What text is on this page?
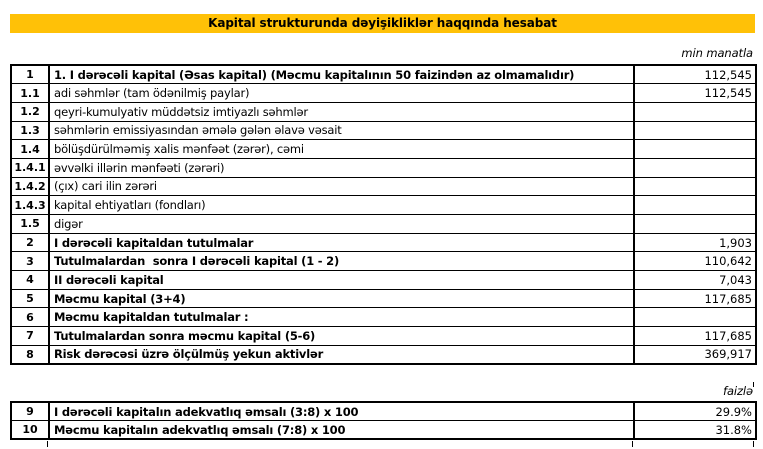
Kapital strukturunda dəyişikliklər haqqında hesabat
min manatla
1	1. I dərəcəli kapital (Əsas kapital) (Məcmu kapitalının 50 faizindən az olmamalıdır)	112,545
1.1	adi səhmlər (tam ödənilmiş paylar)	112,545
1.2	qeyri-kumulyativ müddətsiz imtiyazlı səhmlər	
1.3	səhmlərin emissiyasından əmələ gələn əlavə vəsait	
1.4	bölüşdürülməmiş xalis mənfəət (zərər), cəmi	
1.4.1	əvvəlki illərin mənfəəti (zərəri)	
1.4.2	(çıx) cari ilin zərəri	
1.4.3	kapital ehtiyatları (fondları)	
1.5	digər	
2	I dərəcəli kapitaldan tutulmalar	1,903
3	Tutulmalardan  sonra I dərəcəli kapital (1 - 2)	110,642
4	II dərəcəli kapital	7,043
5	Məcmu kapital (3+4)	117,685
6	Məcmu kapitaldan tutulmalar :	
7	Tutulmalardan sonra məcmu kapital (5-6)	117,685
8	Risk dərəcəsi üzrə ölçülmüş yekun aktivlər	369,917
faizlə
9	I dərəcəli kapitalın adekvatlıq əmsalı (3:8) x 100	29.9%
10	Məcmu kapitalın adekvatlıq əmsalı (7:8) x 100	31.8%
